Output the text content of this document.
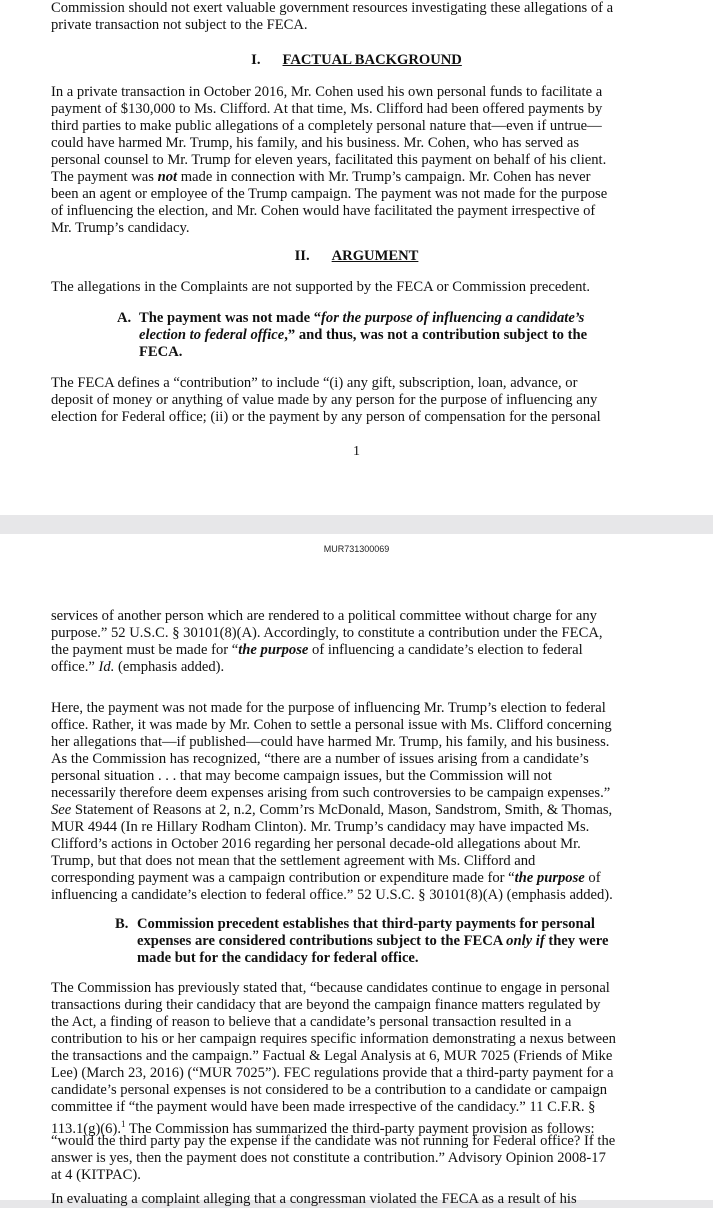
Commission should not exert valuable government resources investigating these allegations of a

private transaction not subject to the FECA.

I. FACTUAL BACKGROUND

In a private transaction in October 2016, Mr. Cohen used his own personal funds to facilitate a

payment of $130,000 to Ms. Clifford. At that time, Ms. Clifford had been offered payments by

third parties to make public allegations of a completely personal nature that—even if untrue—

could have harmed Mr. Trump, his family, and his business. Mr. Cohen, who has served as

personal counsel to Mr. Trump for eleven years, facilitated this payment on behalf of his client.

The payment was not made in connection with Mr. Trump’s campaign. Mr. Cohen has never

been an agent or employee of the Trump campaign. The payment was not made for the purpose

of influencing the election, and Mr. Cohen would have facilitated the payment irrespective of

Mr. Trump’s candidacy.

II. ARGUMENT

The allegations in the Complaints are not supported by the FECA or Commission precedent.

A. The payment was not made “for the purpose of influencing a candidate’s
election to federal office,” and thus, was not a contribution subject to the
FECA.

The FECA defines a “contribution” to include “(i) any gift, subscription, loan, advance, or

deposit of money or anything of value made by any person for the purpose of influencing any

election for Federal office; (ii) or the payment by any person of compensation for the personal

1
MUR731300069

services of another person which are rendered to a political committee without charge for any

purpose.” 52 U.S.C. § 30101(8)(A). Accordingly, to constitute a contribution under the FECA,

the payment must be made for “the purpose of influencing a candidate’s election to federal

office.” Id. (emphasis added).

Here, the payment was not made for the purpose of influencing Mr. Trump’s election to federal

office. Rather, it was made by Mr. Cohen to settle a personal issue with Ms. Clifford concerning

her allegations that—if published—could have harmed Mr. Trump, his family, and his business.

As the Commission has recognized, “there are a number of issues arising from a candidate’s

personal situation . . . that may become campaign issues, but the Commission will not

necessarily therefore deem expenses arising from such controversies to be campaign expenses.”

See Statement of Reasons at 2, n.2, Comm’rs McDonald, Mason, Sandstrom, Smith, & Thomas,

MUR 4944 (In re Hillary Rodham Clinton). Mr. Trump’s candidacy may have impacted Ms.

Clifford’s actions in October 2016 regarding her personal decade-old allegations about Mr.

Trump, but that does not mean that the settlement agreement with Ms. Clifford and

corresponding payment was a campaign contribution or expenditure made for “the purpose of

influencing a candidate’s election to federal office.” 52 U.S.C. § 30101(8)(A) (emphasis added).

B. Commission precedent establishes that third-party payments for personal
expenses are considered contributions subject to the FECA only if they were
made but for the candidacy for federal office.

The Commission has previously stated that, “because candidates continue to engage in personal

transactions during their candidacy that are beyond the campaign finance matters regulated by

the Act, a finding of reason to believe that a candidate’s personal transaction resulted in a

contribution to his or her campaign requires specific information demonstrating a nexus between

the transactions and the campaign.” Factual & Legal Analysis at 6, MUR 7025 (Friends of Mike

Lee) (March 23, 2016) (“MUR 7025”). FEC regulations provide that a third-party payment for a

candidate’s personal expenses is not considered to be a contribution to a candidate or campaign

committee if “the payment would have been made irrespective of the candidacy.” 11 C.F.R. §

113.1(g)(6).$^1$ The Commission has summarized the third-party payment provision as follows:

“would the third party pay the expense if the candidate was not running for Federal office? If the

answer is yes, then the payment does not constitute a contribution.” Advisory Opinion 2008-17

at 4 (KITPAC).

In evaluating a complaint alleging that a congressman violated the FECA as a result of his
